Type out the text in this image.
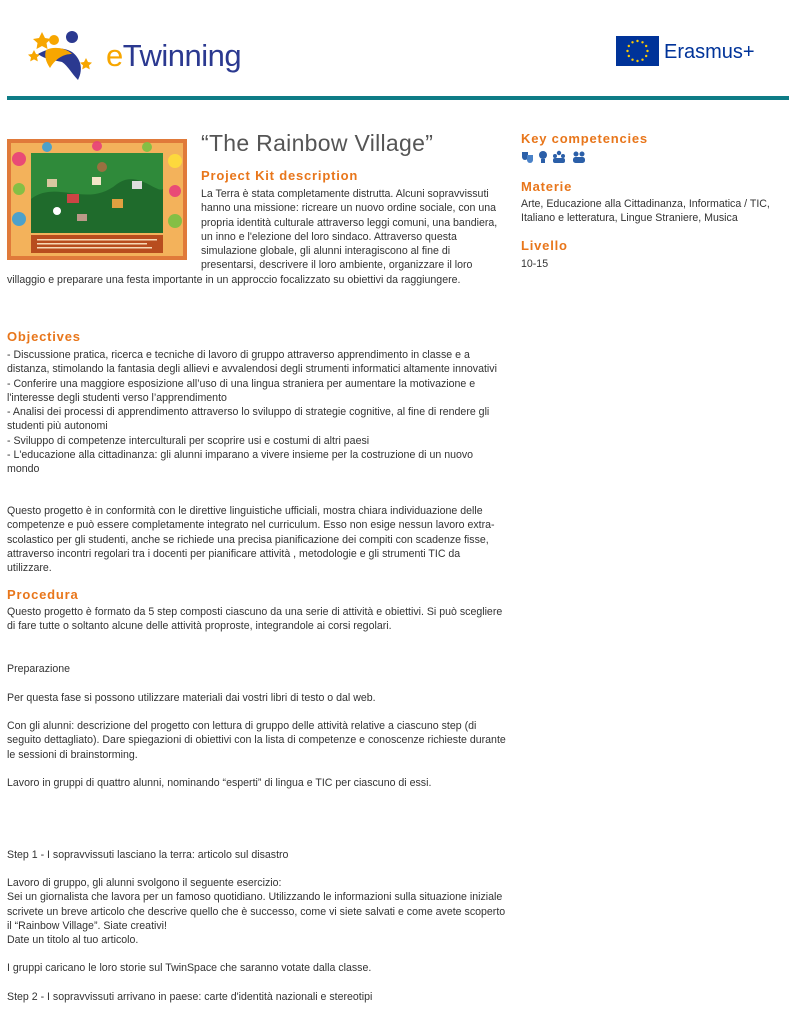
eTwinning	Erasmus+
“The Rainbow Village”
Project Kit description
La Terra è stata completamente distrutta. Alcuni sopravvissuti hanno una missione: ricreare un nuovo ordine sociale, con una propria identità culturale attraverso leggi comuni, una bandiera, un inno e l'elezione del loro sindaco. Attraverso questa simulazione globale, gli alunni interagiscono al fine di presentarsi, descrivere il loro ambiente, organizzare il loro villaggio e preparare una festa importante in un approccio focalizzato su obiettivi da raggiungere.
Objectives
- Discussione pratica, ricerca e tecniche di lavoro di gruppo attraverso apprendimento in classe e a distanza, stimolando la fantasia degli allievi e avvalendosi degli strumenti informatici altamente innovativi
- Conferire una maggiore esposizione all’uso di una lingua straniera per aumentare la motivazione e l'interesse degli studenti verso l’apprendimento
- Analisi dei processi di apprendimento attraverso lo sviluppo di strategie cognitive, al fine di rendere gli studenti più autonomi
- Sviluppo di competenze interculturali per scoprire usi e costumi di altri paesi
- L'educazione alla cittadinanza: gli alunni imparano a vivere insieme per la costruzione di un nuovo mondo
Questo progetto è in conformità con le direttive linguistiche ufficiali, mostra chiara individuazione delle competenze e può essere completamente integrato nel curriculum. Esso non esige nessun lavoro extra-scolastico per gli studenti, anche se richiede una precisa pianificazione dei compiti con scadenze fisse, attraverso incontri regolari tra i docenti per pianificare attività , metodologie e gli strumenti TIC da utilizzare.
Procedura
Questo progetto è formato da 5 step composti ciascuno da una serie di attività e obiettivi. Si può scegliere di fare tutte o soltanto alcune delle attività proproste, integrandole ai corsi regolari.
Preparazione
Per questa fase si possono utilizzare materiali dai vostri libri di testo o dal web.
Con gli alunni: descrizione del progetto con lettura di gruppo delle attività relative a ciascuno step (di seguito dettagliato). Dare spiegazioni di obiettivi con la lista di competenze e conoscenze richieste durante le sessioni di brainstorming.
Lavoro in gruppi di quattro alunni, nominando “esperti” di lingua e TIC per ciascuno di essi.
Step 1 - I sopravvissuti lasciano la terra: articolo sul disastro
Lavoro di gruppo, gli alunni svolgono il seguente esercizio:
Sei un giornalista che lavora per un famoso quotidiano. Utilizzando le informazioni sulla situazione iniziale scrivete un breve articolo che descrive quello che è successo, come vi siete salvati e come avete scoperto il “Rainbow Village”. Siate creativi!
Date un titolo al tuo articolo.
I gruppi caricano le loro storie sul TwinSpace che saranno votate dalla classe.
Step 2 - I sopravvissuti arrivano in paese: carte d'identità nazionali e stereotipi
Key competencies
Materie
Arte, Educazione alla Cittadinanza, Informatica / TIC, Italiano e letteratura, Lingue Straniere, Musica
Livello
10-15
